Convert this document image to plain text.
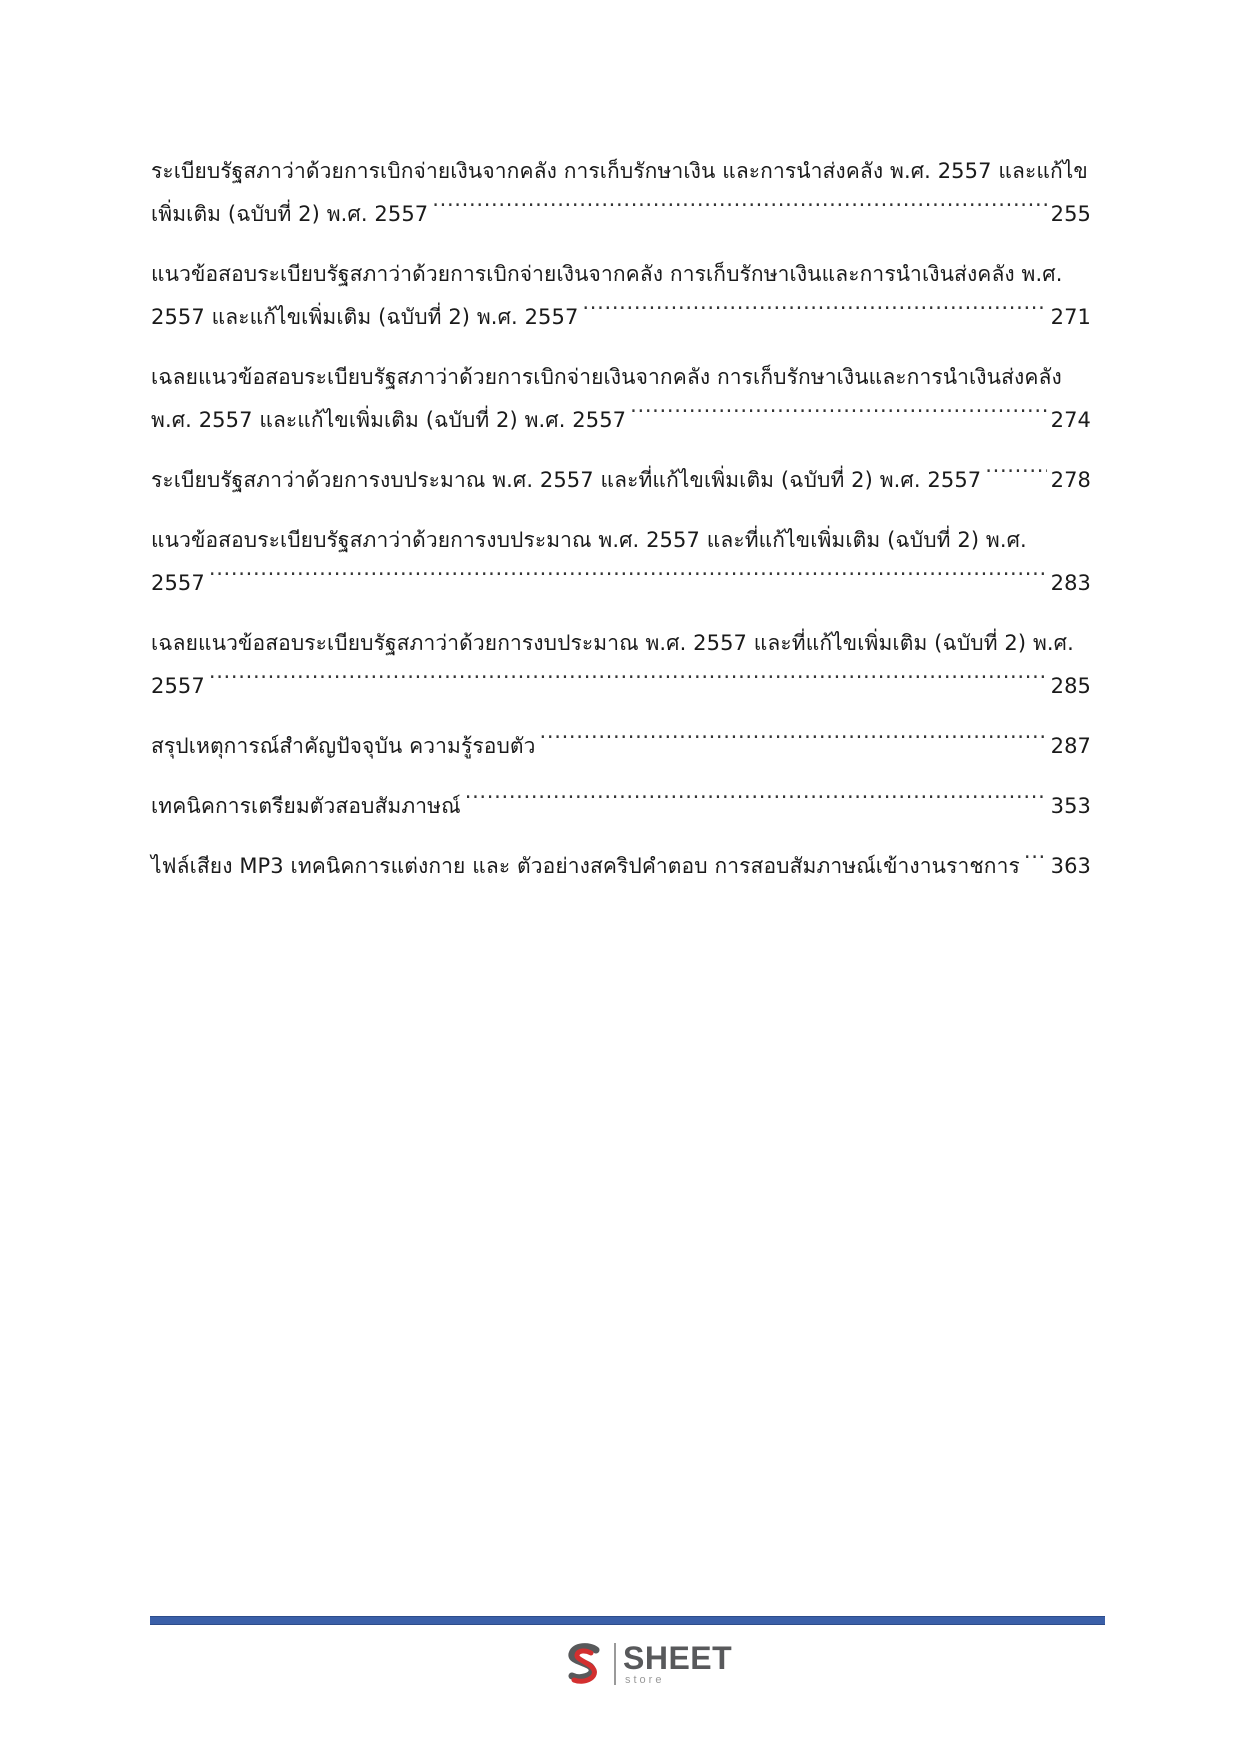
ระเบียบรัฐสภาว่าด้วยการเบิกจ่ายเงินจากคลัง การเก็บรักษาเงิน และการนำส่งคลัง พ.ศ. 2557 และแก้ไข
เพิ่มเติม (ฉบับที่ 2) พ.ศ. 2557 . . .	255
แนวข้อสอบระเบียบรัฐสภาว่าด้วยการเบิกจ่ายเงินจากคลัง การเก็บรักษาเงินและการนำเงินส่งคลัง พ.ศ.
2557 และแก้ไขเพิ่มเติม (ฉบับที่ 2) พ.ศ. 2557 . . .	271
เฉลยแนวข้อสอบระเบียบรัฐสภาว่าด้วยการเบิกจ่ายเงินจากคลัง การเก็บรักษาเงินและการนำเงินส่งคลัง
พ.ศ. 2557 และแก้ไขเพิ่มเติม (ฉบับที่ 2) พ.ศ. 2557 . . .	274
ระเบียบรัฐสภาว่าด้วยการงบประมาณ พ.ศ. 2557 และที่แก้ไขเพิ่มเติม (ฉบับที่ 2) พ.ศ. 2557 . . .	278
แนวข้อสอบระเบียบรัฐสภาว่าด้วยการงบประมาณ พ.ศ. 2557 และที่แก้ไขเพิ่มเติม (ฉบับที่ 2) พ.ศ.
2557 . . .	283
เฉลยแนวข้อสอบระเบียบรัฐสภาว่าด้วยการงบประมาณ พ.ศ. 2557 และที่แก้ไขเพิ่มเติม (ฉบับที่ 2) พ.ศ.
2557 . . .	285
สรุปเหตุการณ์สำคัญปัจจุบัน ความรู้รอบตัว . . .	287
เทคนิคการเตรียมตัวสอบสัมภาษณ์ . . .	353
ไฟล์เสียง MP3 เทคนิคการแต่งกาย และ ตัวอย่างสคริปคำตอบ การสอบสัมภาษณ์เข้างานราชการ . . . 363
SHEET
store
